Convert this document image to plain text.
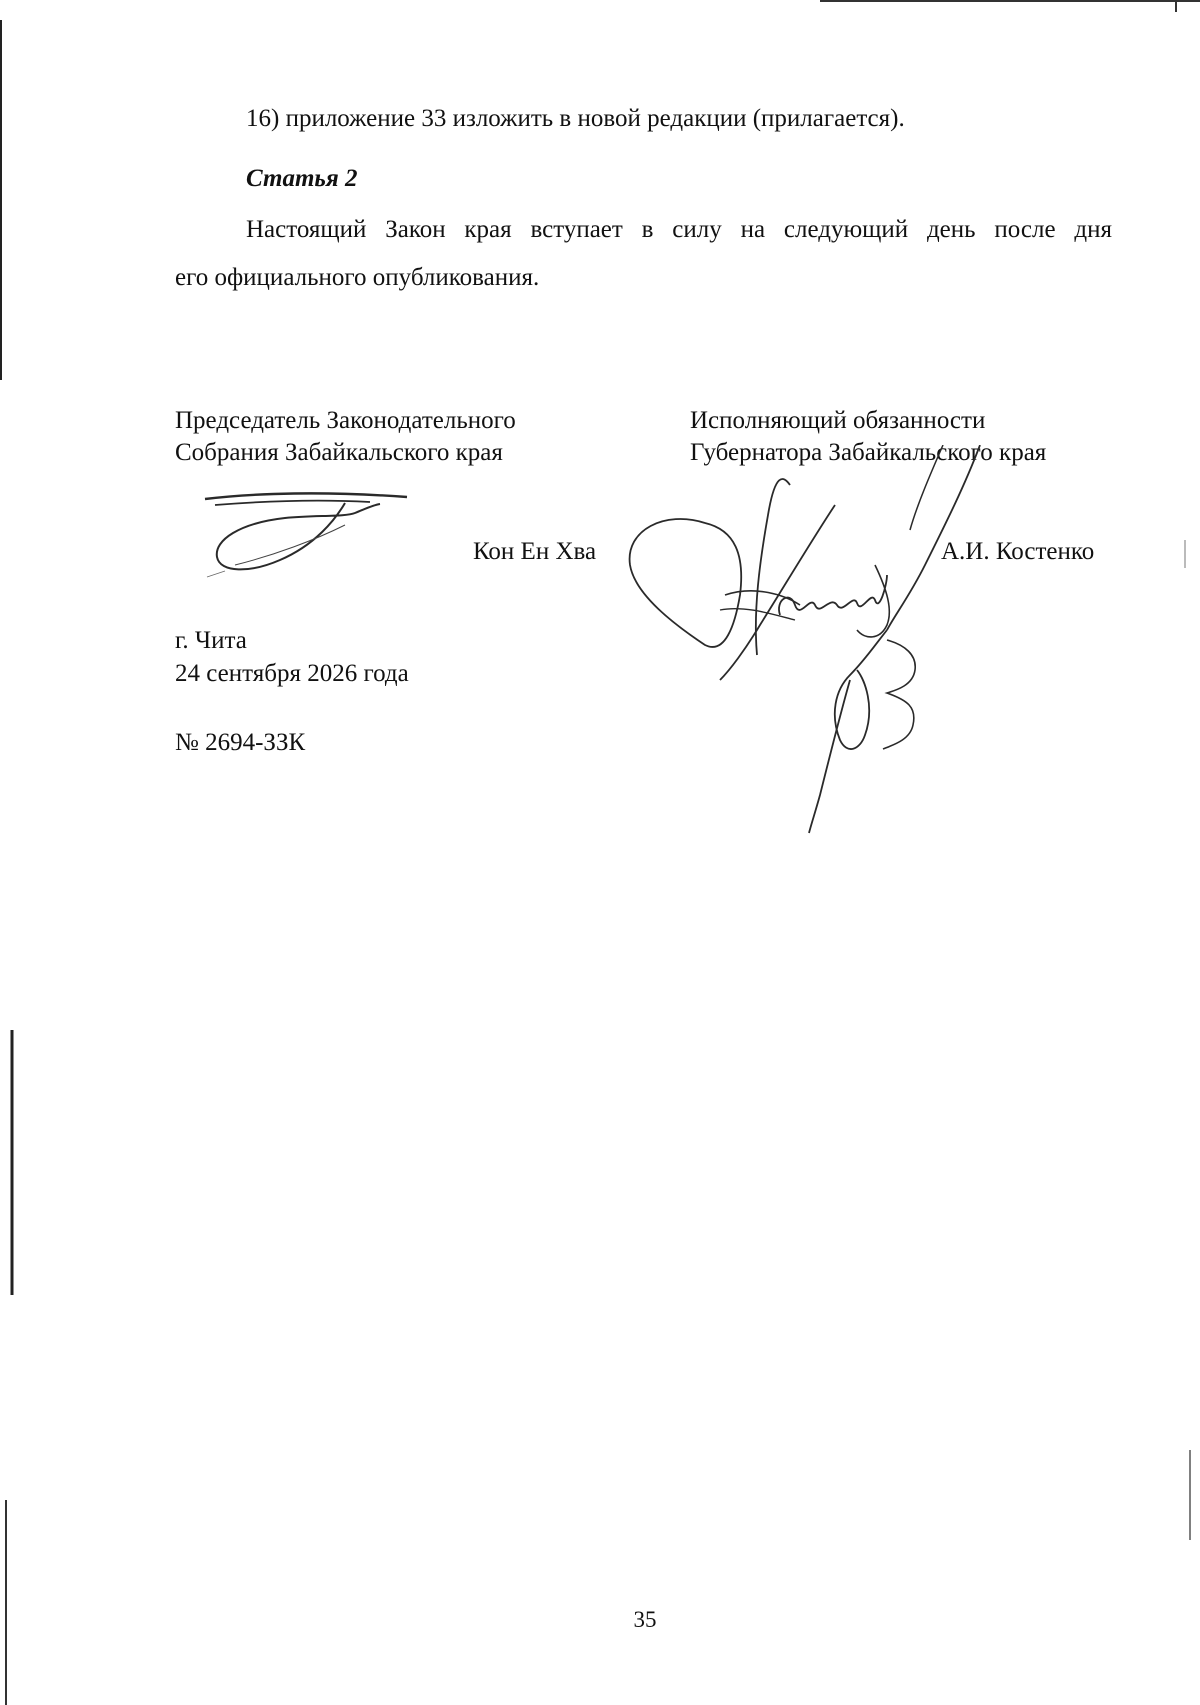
16) приложение 33 изложить в новой редакции (прилагается).
Статья 2
Настоящий Закон края вступает в силу на следующий день после дня
его официального опубликования.
Председатель Законодательного
Собрания Забайкальского края
Кон Ен Хва
Исполняющий обязанности
Губернатора Забайкальского края
А.И. Костенко
г. Чита
24 сентября 2026 года
№ 2694-ЗЗК
35
